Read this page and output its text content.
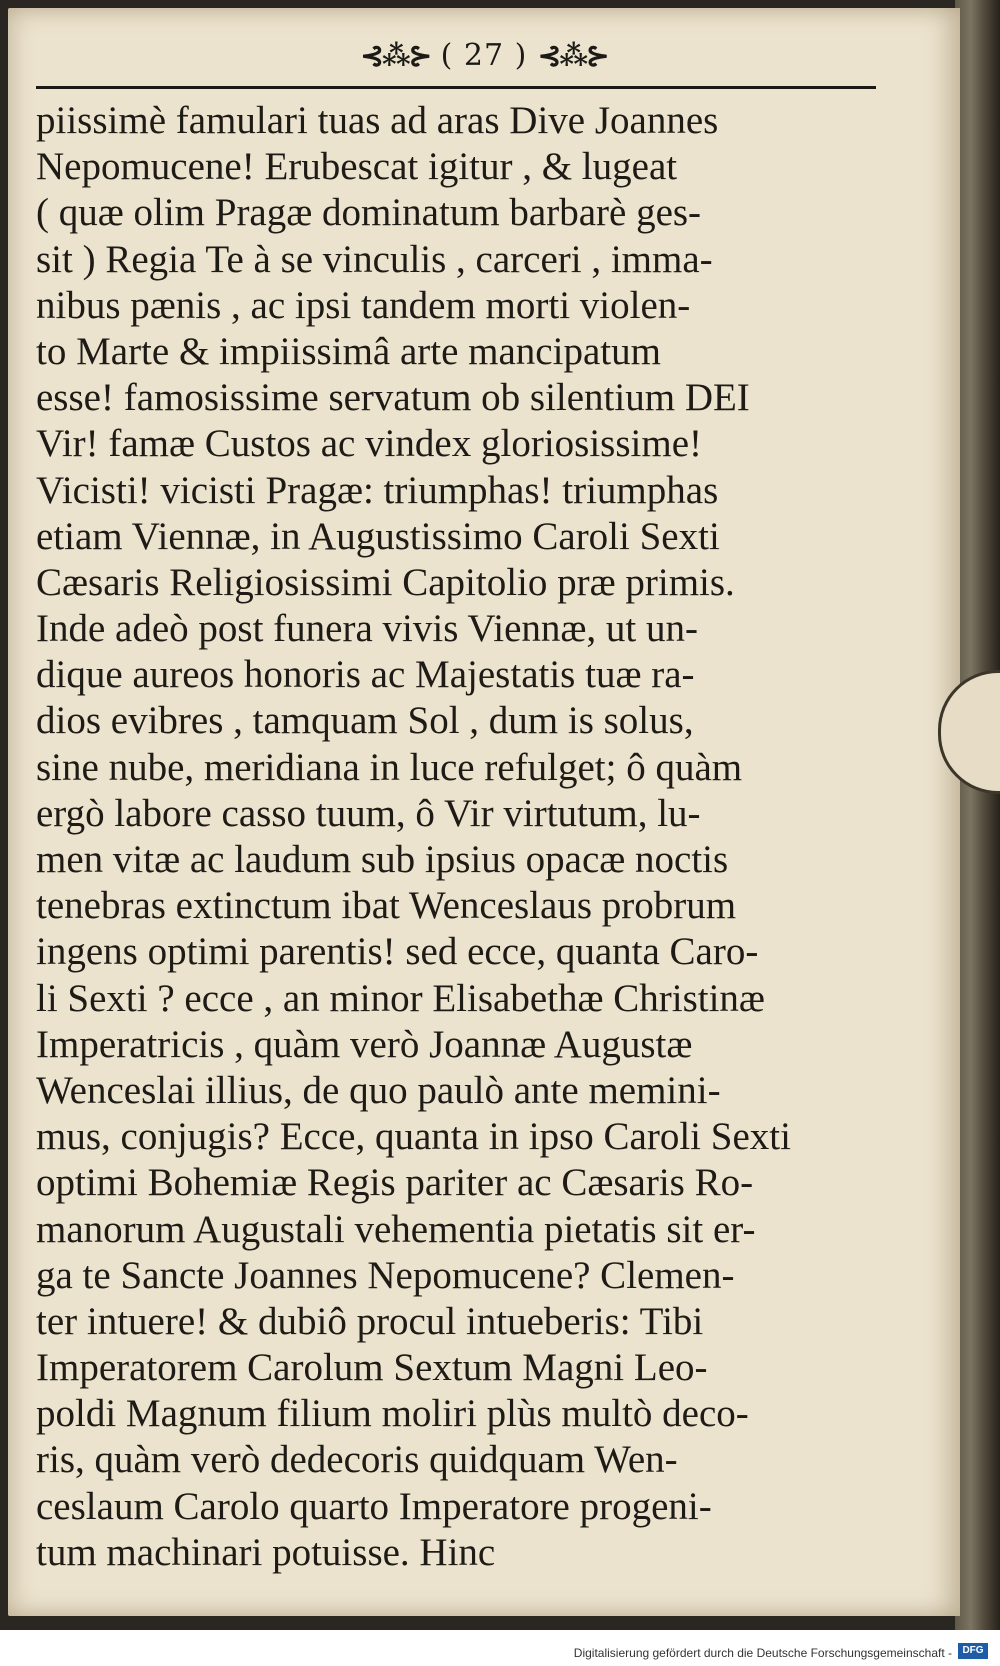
⊰⁂⊱ ( 27 ) ⊰⁂⊱
piissimè famulari tuas ad aras Dive Joannes
Nepomucene! Erubescat igitur , & lugeat
( quæ olim Pragæ dominatum barbarè ges-
sit ) Regia Te à se vinculis , carceri , imma-
nibus pænis , ac ipsi tandem morti violen-
to Marte & impiissimâ arte mancipatum
esse! famosissime servatum ob silentium DEI
Vir! famæ Custos ac vindex gloriosissime!
Vicisti! vicisti Pragæ: triumphas! triumphas
etiam Viennæ, in Augustissimo Caroli Sexti
Cæsaris Religiosissimi Capitolio præ primis.
Inde adeò post funera vivis Viennæ, ut un-
dique aureos honoris ac Majestatis tuæ ra-
dios evibres , tamquam Sol , dum is solus,
sine nube, meridiana in luce refulget; ô quàm
ergò labore casso tuum, ô Vir virtutum, lu-
men vitæ ac laudum sub ipsius opacæ noctis
tenebras extinctum ibat Wenceslaus probrum
ingens optimi parentis! sed ecce, quanta Caro-
li Sexti ? ecce , an minor Elisabethæ Christinæ
Imperatricis , quàm verò Joannæ Augustæ
Wenceslai illius, de quo paulò ante memini-
mus, conjugis? Ecce, quanta in ipso Caroli Sexti
optimi Bohemiæ Regis pariter ac Cæsaris Ro-
manorum Augustali vehementia pietatis sit er-
ga te Sancte Joannes Nepomucene? Clemen-
ter intuere! & dubiô procul intueberis: Tibi
Imperatorem Carolum Sextum Magni Leo-
poldi Magnum filium moliri plùs multò deco-
ris, quàm verò dedecoris quidquam Wen-
ceslaum Carolo quarto Imperatore progeni-
tum machinari potuisse. Hinc
Digitalisierung gefördert durch die Deutsche Forschungsgemeinschaft -	DFG
